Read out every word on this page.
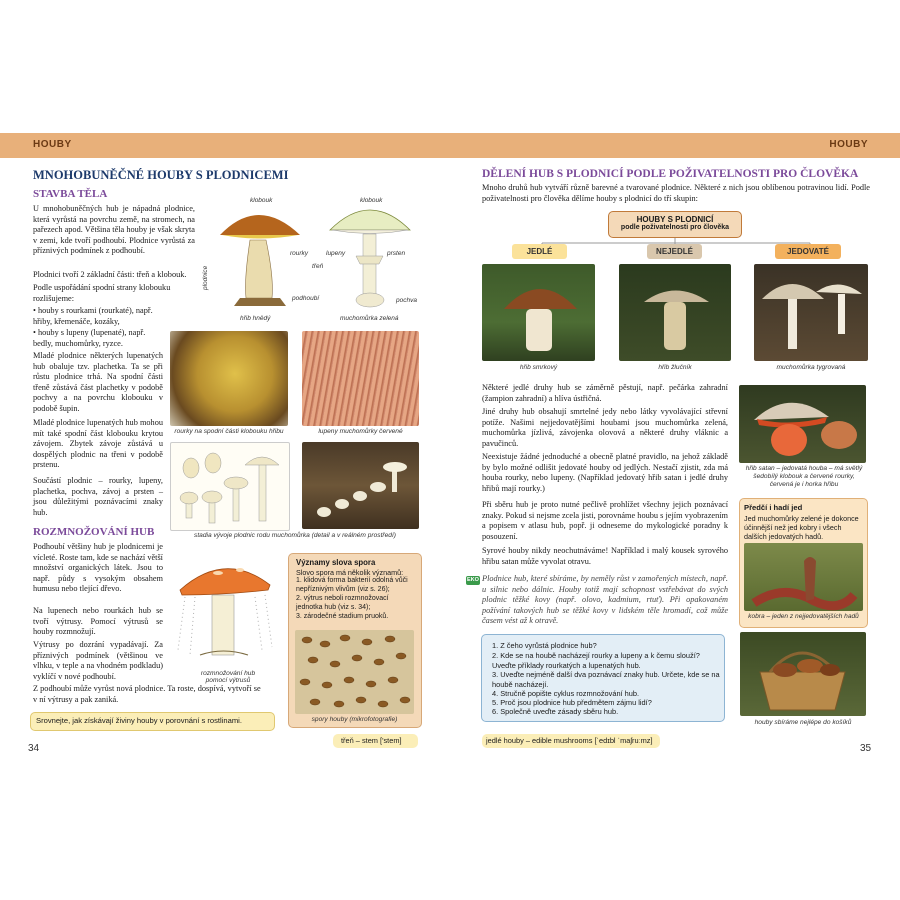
HOUBY	HOUBY
MNOHOBUNĚČNÉ HOUBY S PLODNICEMI
STAVBA TĚLA

U mnohobuněčných hub je nápadná plodnice, která vyrůstá na povrchu země, na stromech, na pařezech apod. Většina těla houby je však skryta v zemi, kde tvoří podhoubí. Plodnice vyrůstá za příznivých podmínek z podhoubí.

Plodnici tvoří 2 základní části: třeň a klobouk.

Podle uspořádání spodní strany klobouku rozlišujeme:

• houby s rourkami (rourkaté), např. hřiby, křemenáče, kozáky,

• houby s lupeny (lupenaté), např. bedly, muchomůrky, ryzce.

Mladé plodnice některých lupenatých hub obaluje tzv. plachetka. Ta se při růstu plodnice trhá. Na spodní části třeně zůstává část plachetky v podobě pochvy a na povrchu klobouku v podobě šupin.

Mladé plodnice lupenatých hub mohou mít také spodní část klobouku krytou závojem. Zbytek závoje zůstává u dospělých plodnic na třeni v podobě prstenu.

Součástí plodnic – rourky, lupeny, plachetka, pochva, závoj a prsten – jsou důležitými poznávacími znaky hub.

ROZMNOŽOVÁNÍ HUB

Podhoubí většiny hub je plodnicemi je vícleté. Roste tam, kde se nachází větší množství organických látek. Jsou to např. půdy s vysokým obsahem humusu nebo tlející dřevo.

Na lupenech nebo rourkách hub se tvoří výtrusy. Pomocí výtrusů se houby rozmnožují.

Výtrusy po dozrání vypadávají. Za příznivých podmínek (většinou ve vlhku, v teple a na vhodném podkladu) vyklíčí v nové podhoubí.

Z podhoubí může vyrůst nová plodnice. Ta roste, dospívá, vytvoří se v ní výtrusy a pak zaniká.

Srovnejte, jak získávají živiny houby v porovnání s rostlinami.
klobouk	klobouk
plodnice
rourky	lupeny	prsten
třeň
podhoubí	pochva
hřib hnědý	muchomůrka zelená
rourky na spodní části klobouku hřibu	lupeny muchomůrky červené
stadia vývoje plodnic rodu muchomůrka (detail a v reálném prostředí)
rozmnožování hub pomocí výtrusů
Významy slova spora
Slovo spora má několik významů:
1. klidová forma bakterií odolná vůči nepříznivým vlivům (viz s. 26);
2. výtrus neboli rozmnožovací jednotka hub (viz s. 34);
3. zárodečné stadium pruoků.
spory houby (mikrofotografie)
třeň – stem ['stem]
34
DĚLENÍ HUB S PLODNICÍ PODLE POŽIVATELNOSTI PRO ČLOVĚKA

Mnoho druhů hub vytváří různě barevné a tvarované plodnice. Některé z nich jsou oblíbenou potravinou lidí. Podle poživatelnosti pro člověka dělíme houby s plodnicí do tří skupin:

HOUBY S PLODNICÍ
podle poživatelnosti pro člověka
JEDLÉ	NEJEDLÉ	JEDOVATÉ
hřib smrkový	hřib žlučník	muchomůrka tygrovaná

Některé jedlé druhy hub se záměrně pěstují, např. pečárka zahradní (žampion zahradní) a hlíva ústřičná.

Jiné druhy hub obsahují smrtelné jedy nebo látky vyvolávající střevní potíže. Našimi nejjedovatějšími houbami jsou muchomůrka zelená, muchomůrka jízlivá, závojenka olovová a některé druhy vláknic a pavučinců.

Neexistuje žádné jednoduché a obecně platné pravidlo, na jehož základě by bylo možné odlišit jedovaté houby od jedlých. Nestačí zjistit, zda má houba rourky, nebo lupeny. (Například jedovatý hřib satan i jedlé druhy hřibů mají rourky.)

Při sběru hub je proto nutné pečlivě prohlížet všechny jejich poznávací znaky. Pokud si nejsme zcela jisti, porovnáme houbu s jejím vyobrazením a popisem v atlasu hub, popř. ji odneseme do mykologické poradny k posouzení.

Syrové houby nikdy neochutnáváme! Například i malý kousek syrového hřibu satan může vyvolat otravu.

EKO Plodnice hub, které sbíráme, by neměly růst v zamořených místech, např. u silnic nebo dálnic. Houby totiž mají schopnost vstřebávat do svých plodnic těžké kovy (např. olovo, kadmium, rtuť). Při opakovaném požívání takových hub se těžké kovy v lidském těle hromadí, což může časem vést až k otravě.

1. Z čeho vyrůstá plodnice hub?
2. Kde se na houbě nacházejí rourky a lupeny a k čemu slouží? Uveďte příklady rourkatých a lupenatých hub.
3. Uveďte nejméně další dva poznávací znaky hub. Určete, kde se na houbě nacházejí.
4. Stručně popište cyklus rozmnožování hub.
5. Proč jsou plodnice hub předmětem zájmu lidí?
6. Společně uveďte zásady sběru hub.
hřib satan – jedovatá houba – má světlý šedobílý klobouk a červené rourky, červená je i horka hřibu
Předčí i hadí jed
Jed muchomůrky zelené je dokonce účinnější než jed kobry i všech dalších jedovatých hadů.
kobra – jeden z nejjedovatějších hadů
houby sbíráme nejlépe do košíků
jedlé houby – edible mushrooms [ˈedɪbl ˈmaʃruːmz]
35
